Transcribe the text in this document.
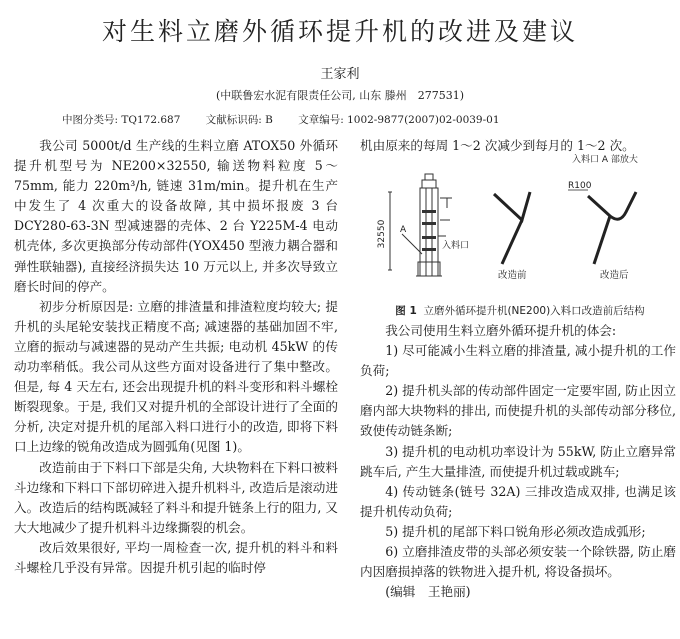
对生料立磨外循环提升机的改进及建议
王家利
(中联鲁宏水泥有限责任公司, 山东 滕州　277531)
中图分类号: TQ172.687 文献标识码: B 文章编号: 1002-9877(2007)02-0039-01

我公司 5000t/d 生产线的生料立磨 ATOX50 外循环提升机型号为 NE200×32550, 输送物料粒度 5～75mm, 能力 220m³/h, 链速 31m/min。提升机在生产中发生了 4 次重大的设备故障, 其中损坏报废 3 台 DCY280-63-3N 型减速器的壳体、2 台 Y225M-4 电动机壳体, 多次更换部分传动部件(YOX450 型液力耦合器和弹性联轴器), 直接经济损失达 10 万元以上, 并多次导致立磨长时间的停产。

初步分析原因是: 立磨的排渣量和排渣粒度均较大; 提升机的头尾轮安装找正精度不高; 减速器的基础加固不牢, 立磨的振动与减速器的晃动产生共振; 电动机 45kW 的传动功率稍低。我公司从这些方面对设备进行了集中整改。但是, 每 4 天左右, 还会出现提升机的料斗变形和料斗螺栓断裂现象。于是, 我们又对提升机的全部设计进行了全面的分析, 决定对提升机的尾部入料口进行小的改造, 即将下料口上边缘的锐角改造成为圆弧角(见图 1)。

改造前由于下料口下部是尖角, 大块物料在下料口被料斗边缘和下料口下部切碎进入提升机料斗, 改造后是滚动进入。改造后的结构既减轻了料斗和提升链条上行的阻力, 又大大地减少了提升机料斗边缘撕裂的机会。

改后效果很好, 平均一周检查一次, 提升机的料斗和料斗螺栓几乎没有异常。因提升机引起的临时停

机由原来的每周 1～2 次减少到每月的 1～2 次。

32550 A
入料口
改造前
入料口 A 部放大
R100
改造后
图 1 立磨外循环提升机(NE200)入料口改造前后结构

我公司使用生料立磨外循环提升机的体会:

1) 尽可能减小生料立磨的排渣量, 减小提升机的工作负荷;

2) 提升机头部的传动部件固定一定要牢固, 防止因立磨内部大块物料的排出, 而使提升机的头部传动部分移位, 致使传动链条断;

3) 提升机的电动机功率设计为 55kW, 防止立磨异常跳车后, 产生大量排渣, 而使提升机过载或跳车;

4) 传动链条(链号 32A) 三排改造成双排, 也满足该提升机传动负荷;

5) 提升机的尾部下料口锐角形必须改造成弧形;

6) 立磨排渣皮带的头部必须安装一个除铁器, 防止磨内因磨损掉落的铁物进入提升机, 将设备损坏。

(编辑　王艳丽)
